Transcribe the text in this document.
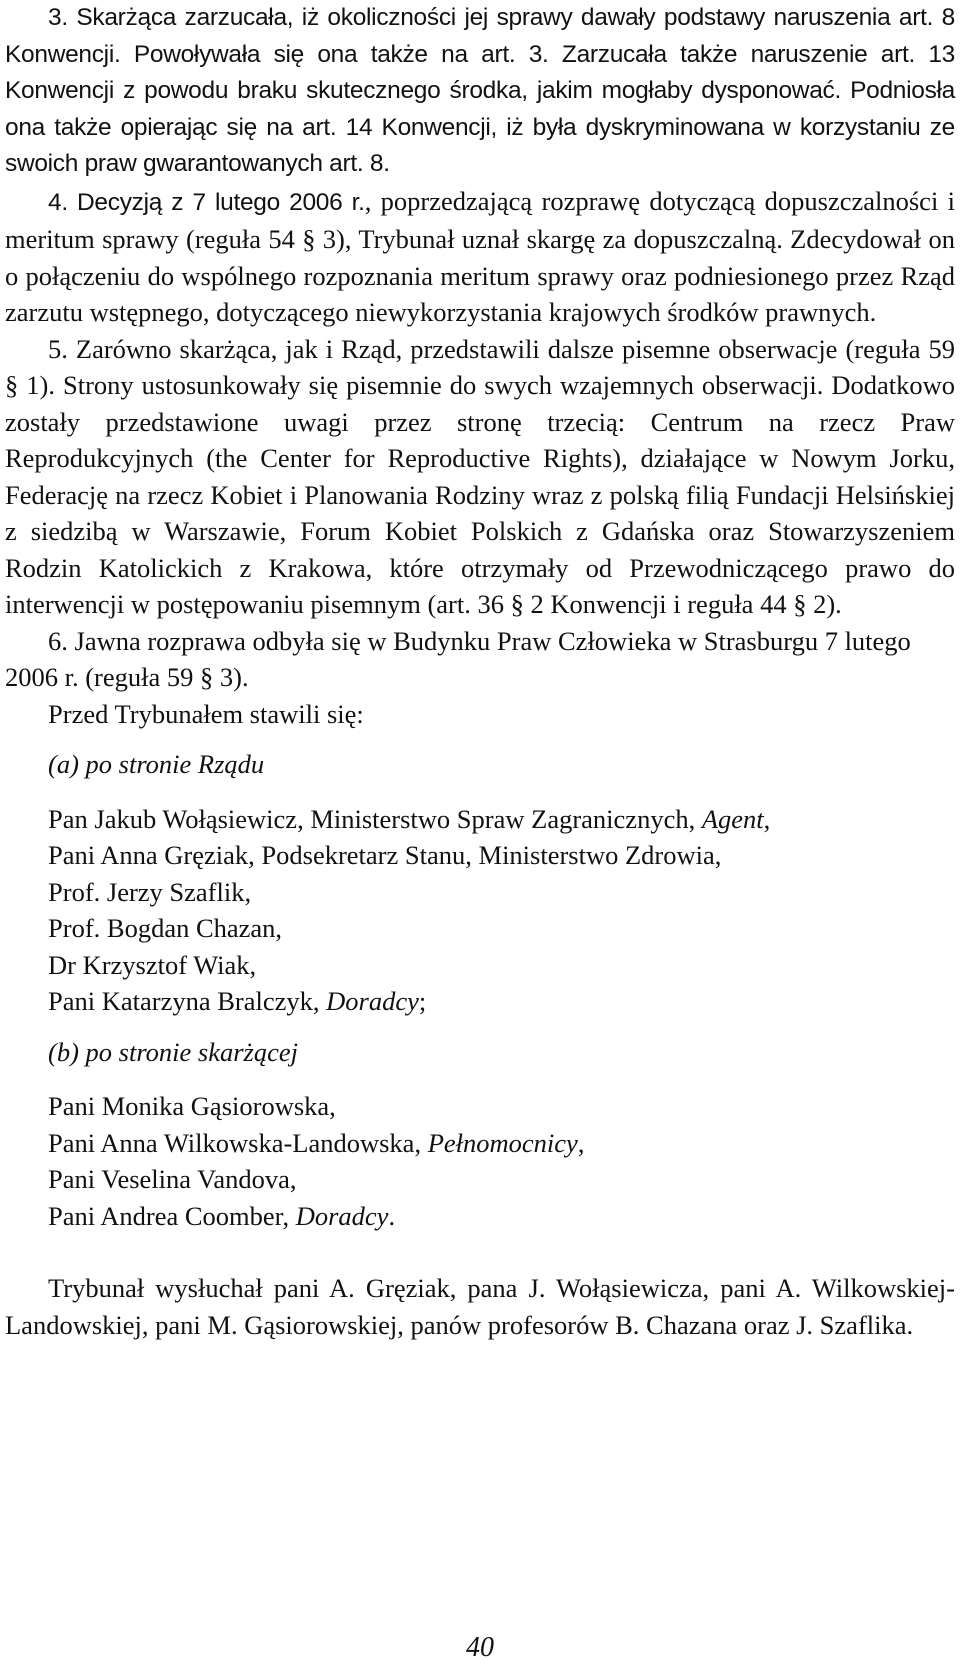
3. Skarżąca zarzucała, iż okoliczności jej sprawy dawały podstawy naruszenia art. 8 Konwencji. Powoływała się ona także na art. 3. Zarzucała także naruszenie art. 13 Konwencji z powodu braku skutecznego środka, jakim mogłaby dysponować. Podniosła ona także opierając się na art. 14 Konwencji, iż była dyskryminowana w korzystaniu ze swoich praw gwarantowanych art. 8.

4. Decyzją z 7 lutego 2006 r., poprzedzającą rozprawę dotyczącą dopuszczalności i meritum sprawy (reguła 54 § 3), Trybunał uznał skargę za dopuszczalną. Zdecydował on o połączeniu do wspólnego rozpoznania meritum sprawy oraz podniesionego przez Rząd zarzutu wstępnego, dotyczącego niewykorzystania krajowych środków prawnych.

5. Zarówno skarżąca, jak i Rząd, przedstawili dalsze pisemne obserwacje (reguła 59 § 1). Strony ustosunkowały się pisemnie do swych wzajemnych obserwacji. Dodatkowo zostały przedstawione uwagi przez stronę trzecią: Centrum na rzecz Praw Reprodukcyjnych (the Center for Reproductive Rights), działające w Nowym Jorku, Federację na rzecz Kobiet i Planowania Rodziny wraz z polską filią Fundacji Helsińskiej z siedzibą w Warszawie, Forum Kobiet Polskich z Gdańska oraz Stowarzyszeniem Rodzin Katolickich z Krakowa, które otrzymały od Przewodniczącego prawo do interwencji w postępowaniu pisemnym (art. 36 § 2 Konwencji i reguła 44 § 2).

6. Jawna rozprawa odbyła się w Budynku Praw Człowieka w Strasburgu 7 lutego 2006 r. (reguła 59 § 3).

Przed Trybunałem stawili się:

(a) po stronie Rządu

Pan Jakub Wołąsiewicz, Ministerstwo Spraw Zagranicznych, Agent,
Pani Anna Gręziak, Podsekretarz Stanu, Ministerstwo Zdrowia,
Prof. Jerzy Szaflik,
Prof. Bogdan Chazan,
Dr Krzysztof Wiak,
Pani Katarzyna Bralczyk, Doradcy;

(b) po stronie skarżącej

Pani Monika Gąsiorowska,
Pani Anna Wilkowska-Landowska, Pełnomocnicy,
Pani Veselina Vandova,
Pani Andrea Coomber, Doradcy.

Trybunał wysłuchał pani A. Gręziak, pana J. Wołąsiewicza, pani A. Wilkowskiej-Landowskiej, pani M. Gąsiorowskiej, panów profesorów B. Chazana oraz J. Szaflika.

40
